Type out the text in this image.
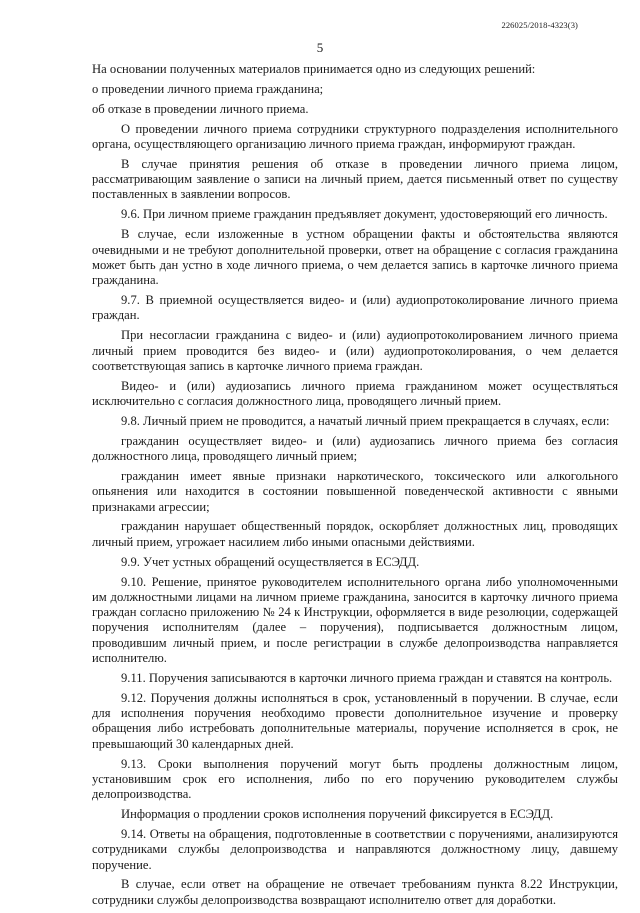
226025/2018-4323(3)
5

На основании полученных материалов принимается одно из следующих решений:

о проведении личного приема гражданина;

об отказе в проведении личного приема.

О проведении личного приема сотрудники структурного подразделения исполнительного органа, осуществляющего организацию личного приема граждан, информируют граждан.

В случае принятия решения об отказе в проведении личного приема лицом, рассматривающим заявление о записи на личный прием, дается письменный ответ по существу поставленных в заявлении вопросов.

9.6. При личном приеме гражданин предъявляет документ, удостоверяющий его личность.

В случае, если изложенные в устном обращении факты и обстоятельства являются очевидными и не требуют дополнительной проверки, ответ на обращение с согласия гражданина может быть дан устно в ходе личного приема, о чем делается запись в карточке личного приема гражданина.

9.7. В приемной осуществляется видео- и (или) аудиопротоколирование личного приема граждан.

При несогласии гражданина с видео- и (или) аудиопротоколированием личного приема личный прием проводится без видео- и (или) аудиопротоколирования, о чем делается соответствующая запись в карточке личного приема граждан.

Видео- и (или) аудиозапись личного приема гражданином может осуществляться исключительно с согласия должностного лица, проводящего личный прием.

9.8. Личный прием не проводится, а начатый личный прием прекращается в случаях, если:

гражданин осуществляет видео- и (или) аудиозапись личного приема без согласия должностного лица, проводящего личный прием;

гражданин имеет явные признаки наркотического, токсического или алкогольного опьянения или находится в состоянии повышенной поведенческой активности с явными признаками агрессии;

гражданин нарушает общественный порядок, оскорбляет должностных лиц, проводящих личный прием, угрожает насилием либо иными опасными действиями.

9.9. Учет устных обращений осуществляется в ЕСЭДД.

9.10. Решение, принятое руководителем исполнительного органа либо уполномоченными им должностными лицами на личном приеме гражданина, заносится в карточку личного приема граждан согласно приложению № 24 к Инструкции, оформляется в виде резолюции, содержащей поручения исполнителям (далее – поручения), подписывается должностным лицом, проводившим личный прием, и после регистрации в службе делопроизводства направляется исполнителю.

9.11. Поручения записываются в карточки личного приема граждан и ставятся на контроль.

9.12. Поручения должны исполняться в срок, установленный в поручении. В случае, если для исполнения поручения необходимо провести дополнительное изучение и проверку обращения либо истребовать дополнительные материалы, поручение исполняется в срок, не превышающий 30 календарных дней.

9.13. Сроки выполнения поручений могут быть продлены должностным лицом, установившим срок его исполнения, либо по его поручению руководителем службы делопроизводства.

Информация о продлении сроков исполнения поручений фиксируется в ЕСЭДД.

9.14. Ответы на обращения, подготовленные в соответствии с поручениями, анализируются сотрудниками службы делопроизводства и направляются должностному лицу, давшему поручение.

В случае, если ответ на обращение не отвечает требованиям пункта 8.22 Инструкции, сотрудники службы делопроизводства возвращают исполнителю ответ для доработки.
